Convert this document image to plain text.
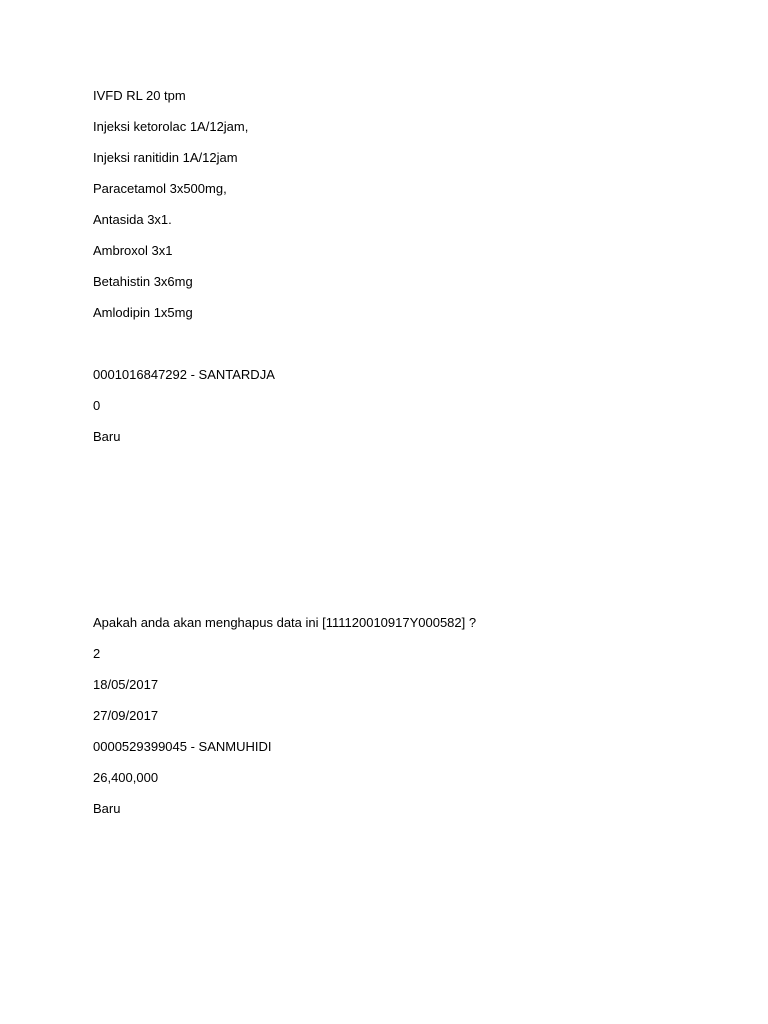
IVFD RL 20 tpm
Injeksi ketorolac 1A/12jam,
Injeksi ranitidin 1A/12jam
Paracetamol 3x500mg,
Antasida 3x1.
Ambroxol 3x1
Betahistin 3x6mg
Amlodipin 1x5mg
0001016847292 - SANTARDJA
0
Baru
Apakah anda akan menghapus data ini [111120010917Y000582] ?
2
18/05/2017
27/09/2017
0000529399045 - SANMUHIDI
26,400,000
Baru
